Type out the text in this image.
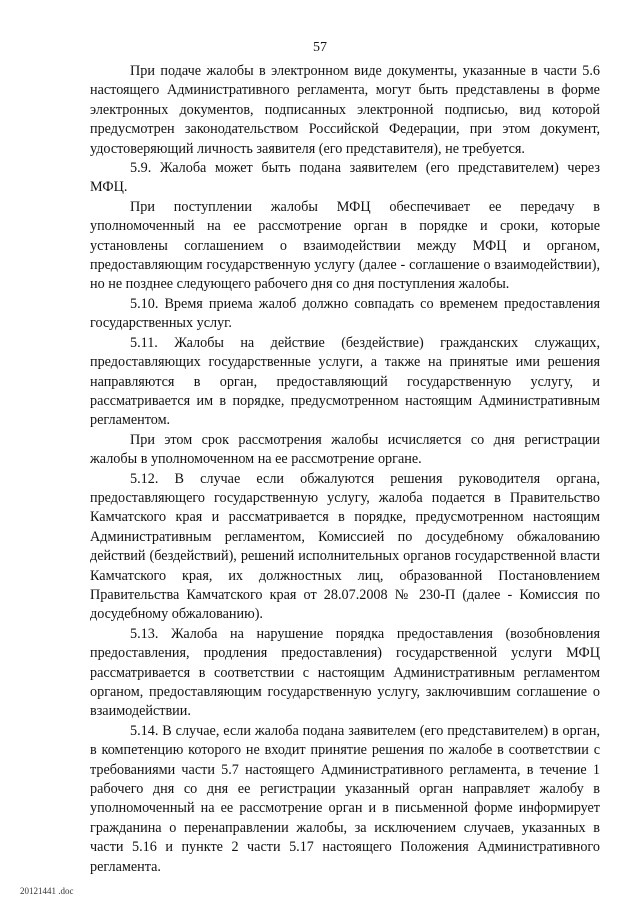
57

При подаче жалобы в электронном виде документы, указанные в части 5.6 настоящего Административного регламента, могут быть представлены в форме электронных документов, подписанных электронной подписью, вид которой предусмотрен законодательством Российской Федерации, при этом документ, удостоверяющий личность заявителя (его представителя), не требуется.

5.9. Жалоба может быть подана заявителем (его представителем) через МФЦ.

При поступлении жалобы МФЦ обеспечивает ее передачу в уполномоченный на ее рассмотрение орган в порядке и сроки, которые установлены соглашением о взаимодействии между МФЦ и органом, предоставляющим государственную услугу (далее - соглашение о взаимодействии), но не позднее следующего рабочего дня со дня поступления жалобы.

5.10. Время приема жалоб должно совпадать со временем предоставления государственных услуг.

5.11. Жалобы на действие (бездействие) гражданских служащих, предоставляющих государственные услуги, а также на принятые ими решения направляются в орган, предоставляющий государственную услугу, и рассматривается им в порядке, предусмотренном настоящим Административным регламентом.

При этом срок рассмотрения жалобы исчисляется со дня регистрации жалобы в уполномоченном на ее рассмотрение органе.

5.12. В случае если обжалуются решения руководителя органа, предоставляющего государственную услугу, жалоба подается в Правительство Камчатского края и рассматривается в порядке, предусмотренном настоящим Административным регламентом, Комиссией по досудебному обжалованию действий (бездействий), решений исполнительных органов государственной власти Камчатского края, их должностных лиц, образованной Постановлением Правительства Камчатского края от 28.07.2008 № 230-П (далее - Комиссия по досудебному обжалованию).

5.13. Жалоба на нарушение порядка предоставления (возобновления предоставления, продления предоставления) государственной услуги МФЦ рассматривается в соответствии с настоящим Административным регламентом органом, предоставляющим государственную услугу, заключившим соглашение о взаимодействии.

5.14. В случае, если жалоба подана заявителем (его представителем) в орган, в компетенцию которого не входит принятие решения по жалобе в соответствии с требованиями части 5.7 настоящего Административного регламента, в течение 1 рабочего дня со дня ее регистрации указанный орган направляет жалобу в уполномоченный на ее рассмотрение орган и в письменной форме информирует гражданина о перенаправлении жалобы, за исключением случаев, указанных в части 5.16 и пункте 2 части 5.17 настоящего Положения Административного регламента.

20121441 .doc
